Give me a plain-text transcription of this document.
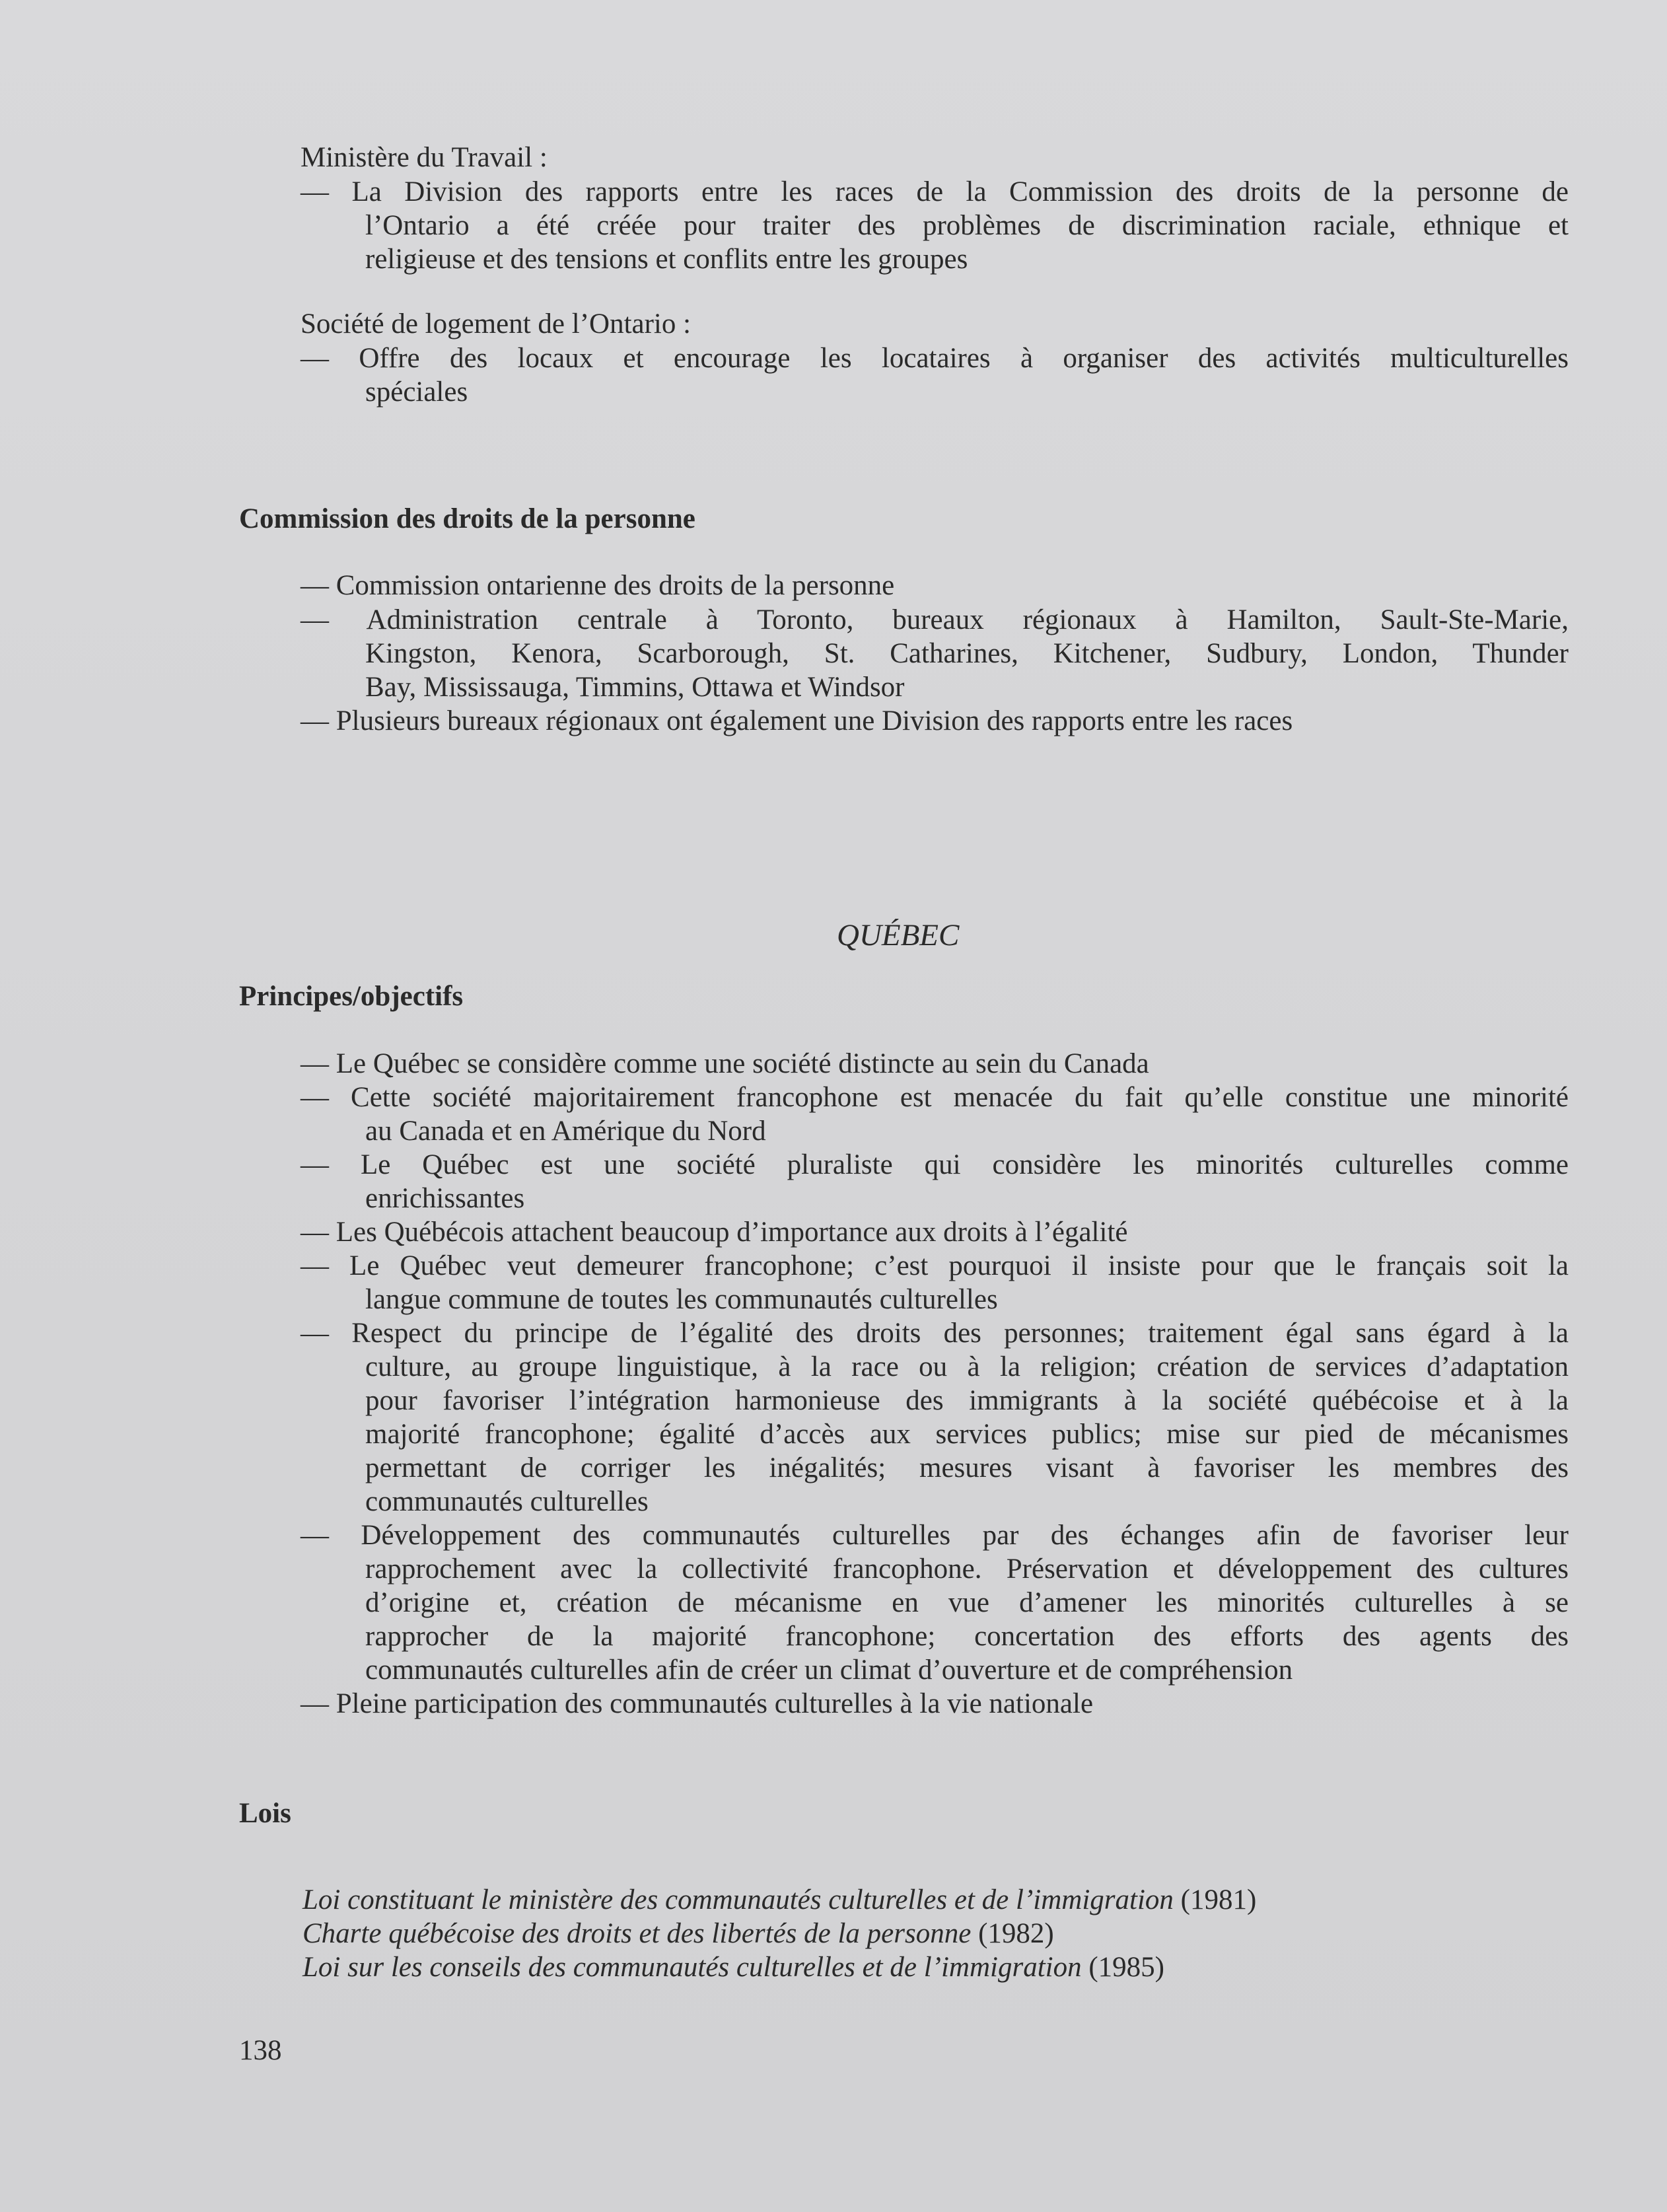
Ministère du Travail :

— La Division des rapports entre les races de la Commission des droits de la personne de

l’Ontario a été créée pour traiter des problèmes de discrimination raciale, ethnique et

religieuse et des tensions et conflits entre les groupes

Société de logement de l’Ontario :

— Offre des locaux et encourage les locataires à organiser des activités multiculturelles

spéciales

Commission des droits de la personne

— Commission ontarienne des droits de la personne

— Administration centrale à Toronto, bureaux régionaux à Hamilton, Sault-Ste-Marie,

Kingston, Kenora, Scarborough, St. Catharines, Kitchener, Sudbury, London, Thunder

Bay, Mississauga, Timmins, Ottawa et Windsor

— Plusieurs bureaux régionaux ont également une Division des rapports entre les races

QUÉBEC

Principes/objectifs

— Le Québec se considère comme une société distincte au sein du Canada

— Cette société majoritairement francophone est menacée du fait qu’elle constitue une minorité

au Canada et en Amérique du Nord

— Le Québec est une société pluraliste qui considère les minorités culturelles comme

enrichissantes

— Les Québécois attachent beaucoup d’importance aux droits à l’égalité

— Le Québec veut demeurer francophone; c’est pourquoi il insiste pour que le français soit la

langue commune de toutes les communautés culturelles

— Respect du principe de l’égalité des droits des personnes; traitement égal sans égard à la

culture, au groupe linguistique, à la race ou à la religion; création de services d’adaptation

pour favoriser l’intégration harmonieuse des immigrants à la société québécoise et à la

majorité francophone; égalité d’accès aux services publics; mise sur pied de mécanismes

permettant de corriger les inégalités; mesures visant à favoriser les membres des

communautés culturelles

— Développement des communautés culturelles par des échanges afin de favoriser leur

rapprochement avec la collectivité francophone. Préservation et développement des cultures

d’origine et, création de mécanisme en vue d’amener les minorités culturelles à se

rapprocher de la majorité francophone; concertation des efforts des agents des

communautés culturelles afin de créer un climat d’ouverture et de compréhension

— Pleine participation des communautés culturelles à la vie nationale

Lois

Loi constituant le ministère des communautés culturelles et de l’immigration (1981)

Charte québécoise des droits et des libertés de la personne (1982)

Loi sur les conseils des communautés culturelles et de l’immigration (1985)

138
